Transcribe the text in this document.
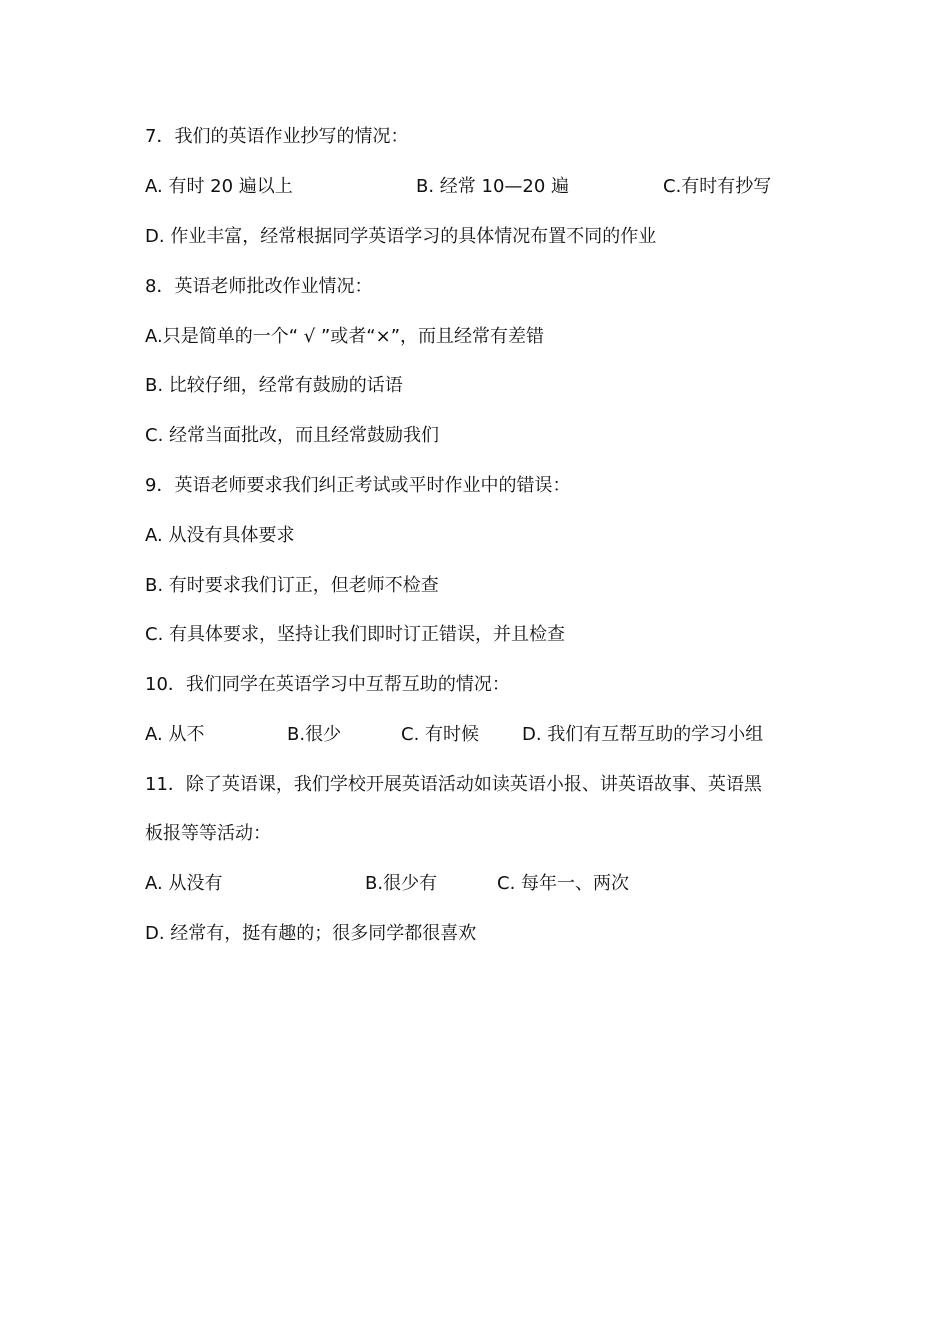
7．我们的英语作业抄写的情况：
A. 有时 20 遍以上	B. 经常 10—20 遍	C.有时有抄写
D. 作业丰富，经常根据同学英语学习的具体情况布置不同的作业
8．英语老师批改作业情况：
A.只是简单的一个“ √ ”或者“×”，而且经常有差错
B. 比较仔细，经常有鼓励的话语
C. 经常当面批改，而且经常鼓励我们
9．英语老师要求我们纠正考试或平时作业中的错误：
A. 从没有具体要求
B. 有时要求我们订正，但老师不检查
C. 有具体要求，坚持让我们即时订正错误，并且检查
10．我们同学在英语学习中互帮互助的情况：
A. 从不	B.很少	C. 有时候 D. 我们有互帮互助的学习小组
11．除了英语课，我们学校开展英语活动如读英语小报、讲英语故事、英语黑
板报等等活动：
A. 从没有	B.很少有	C. 每年一、两次
D. 经常有，挺有趣的；很多同学都很喜欢
